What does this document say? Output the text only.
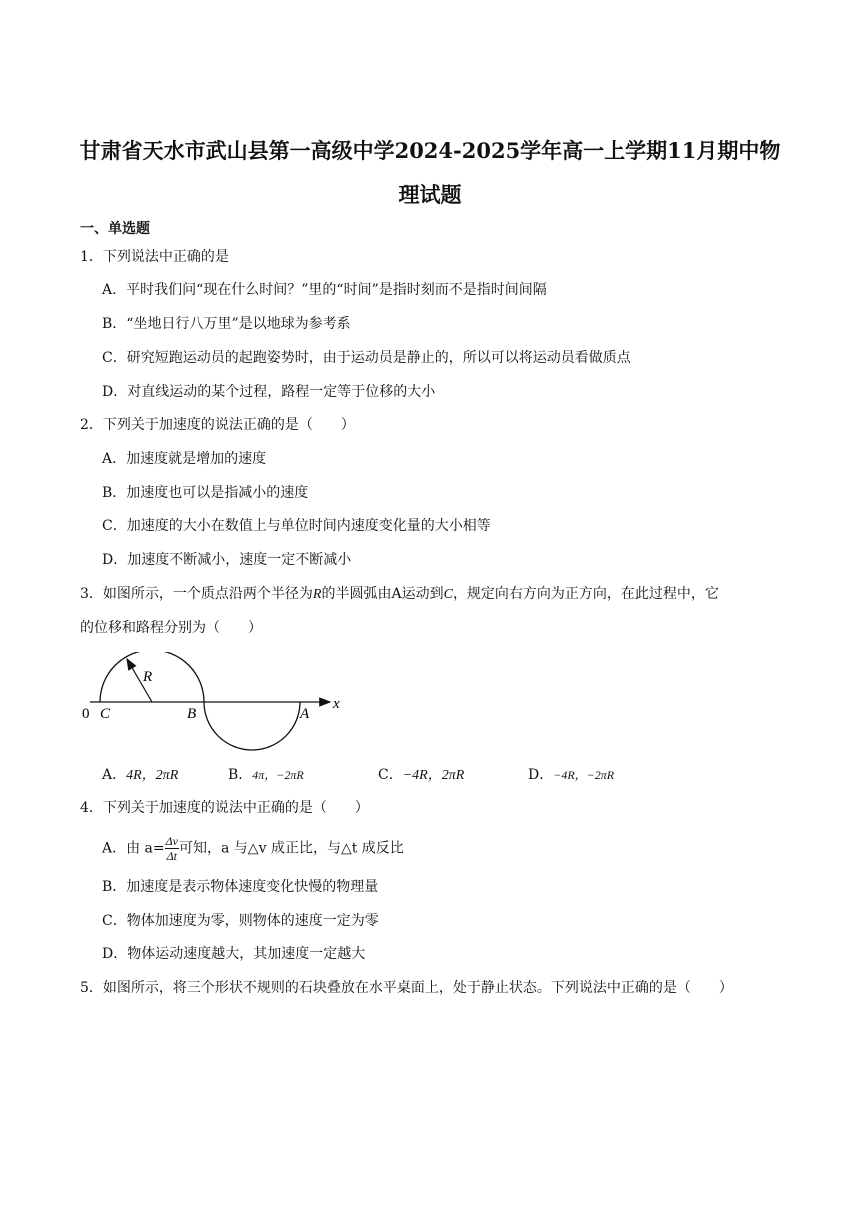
甘肃省天水市武山县第一高级中学2024-2025学年高一上学期11月期中物
理试题
一、单选题
1．下列说法中正确的是
A．平时我们问“现在什么时间？”里的“时间”是指时刻而不是指时间间隔
B．“坐地日行八万里”是以地球为参考系
C．研究短跑运动员的起跑姿势时，由于运动员是静止的，所以可以将运动员看做质点
D．对直线运动的某个过程，路程一定等于位移的大小
2．下列关于加速度的说法正确的是（　　）
A．加速度就是增加的速度
B．加速度也可以是指减小的速度
C．加速度的大小在数值上与单位时间内速度变化量的大小相等
D．加速度不断减小，速度一定不断减小
3．如图所示，一个质点沿两个半径为R的半圆弧由A运动到C，规定向右方向为正方向，在此过程中，它
的位移和路程分别为（　　）
R
0 C	B	A
x
A．4R，2πR	B．4π，−2πR	C．−4R，2πR	D．−4R，−2πR
4．下列关于加速度的说法中正确的是（　　）
A．由 $a= \frac{\Delta v}{\Delta t}$ 可知，a 与△v 成正比，与△t 成反比
B．加速度是表示物体速度变化快慢的物理量
C．物体加速度为零，则物体的速度一定为零
D．物体运动速度越大，其加速度一定越大
5．如图所示，将三个形状不规则的石块叠放在水平桌面上，处于静止状态。下列说法中正确的是（　　）
